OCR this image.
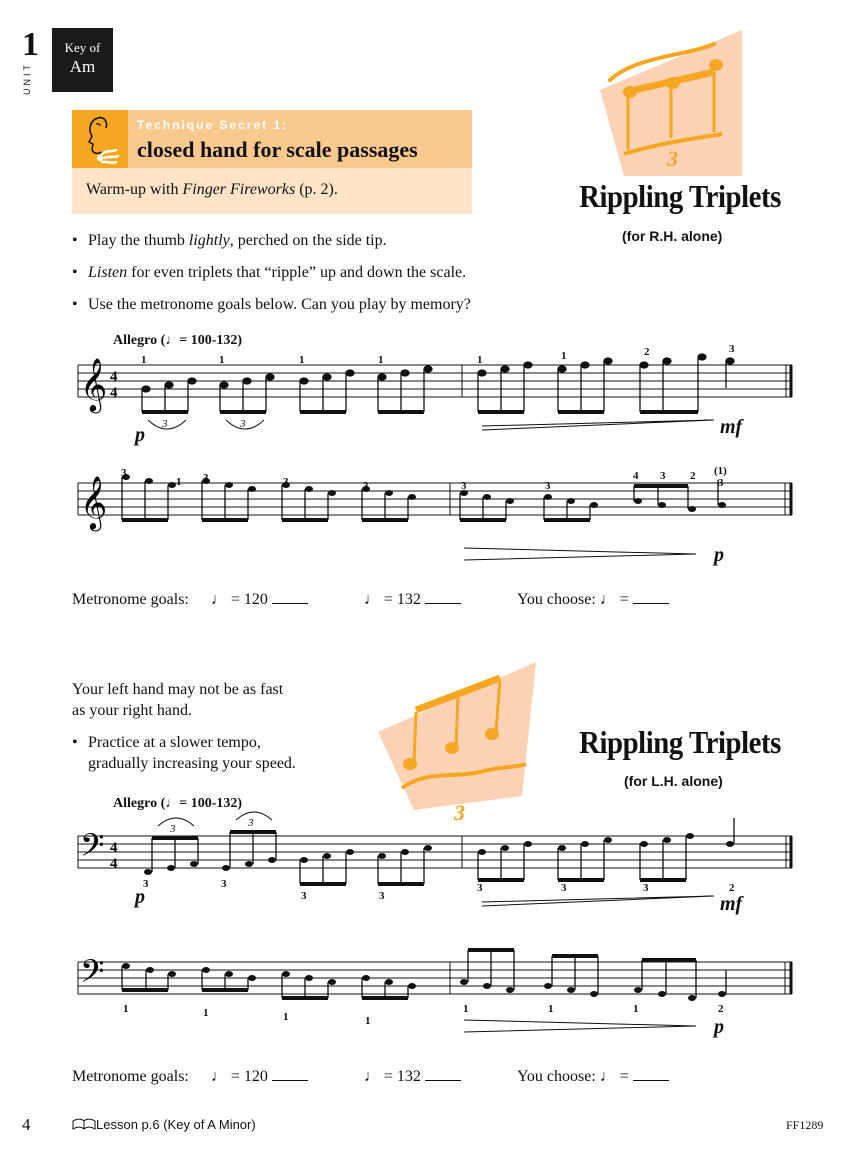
1
UNIT
Key of
Am
Technique Secret 1:
closed hand for scale passages
Warm-up with Finger Fireworks (p. 2).
3
Rippling Triplets
(for R.H. alone)
• Play the thumb lightly, perched on the side tip.
• Listen for even triplets that “ripple” up and down the scale.
• Use the metronome goals below. Can you play by memory?
Allegro (♩= 100-132)
𝄞
𝄞
4
4
p	mf
p
3	3
1	1	1	1	1	1	2	3
3
1 3	3	3	3	3
4 3 2 (1)
3
Metronome goals: ♩ = 120	♩ = 132	You choose: ♩ =
Your left hand may not be as fast
as your right hand.
• Practice at a slower tempo,
gradually increasing your speed.
3
Rippling Triplets
(for L.H. alone)
Allegro (♩= 100-132)
𝄢
𝄢
4
4
p	mf
p
3	3
3	3
3	3
3	3	3	2
1	1	1	1
1	1	1	2
Metronome goals: ♩ = 120	♩ = 132	You choose: ♩ =
4	Lesson p.6 (Key of A Minor)	FF1289
